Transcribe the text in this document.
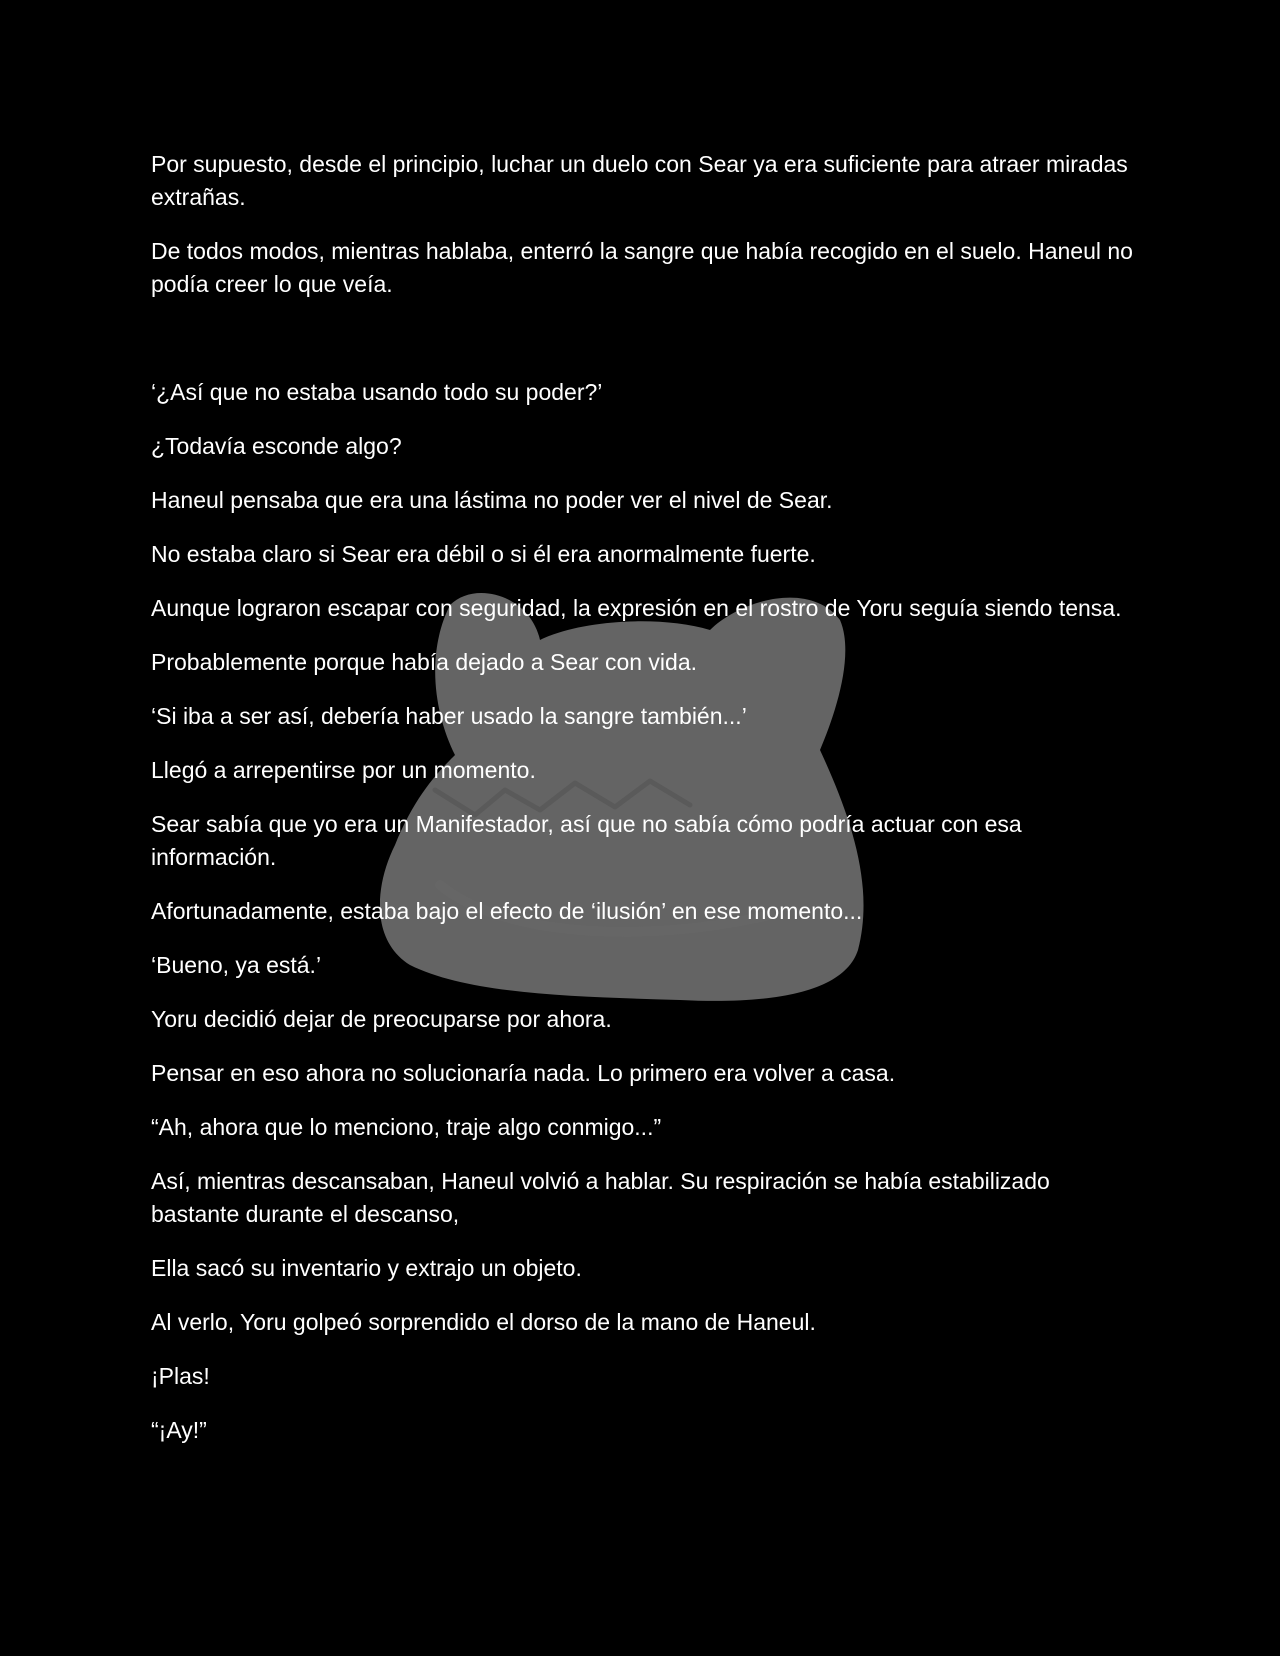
Por supuesto, desde el principio, luchar un duelo con Sear ya era suficiente para atraer miradas extrañas.

De todos modos, mientras hablaba, enterró la sangre que había recogido en el suelo. Haneul no podía creer lo que veía.

‘¿Así que no estaba usando todo su poder?’

¿Todavía esconde algo?

Haneul pensaba que era una lástima no poder ver el nivel de Sear.

No estaba claro si Sear era débil o si él era anormalmente fuerte.

Aunque lograron escapar con seguridad, la expresión en el rostro de Yoru seguía siendo tensa.

Probablemente porque había dejado a Sear con vida.

‘Si iba a ser así, debería haber usado la sangre también...’

Llegó a arrepentirse por un momento.

Sear sabía que yo era un Manifestador, así que no sabía cómo podría actuar con esa información.

Afortunadamente, estaba bajo el efecto de ‘ilusión’ en ese momento...

‘Bueno, ya está.’

Yoru decidió dejar de preocuparse por ahora.

Pensar en eso ahora no solucionaría nada. Lo primero era volver a casa.

“Ah, ahora que lo menciono, traje algo conmigo...”

Así, mientras descansaban, Haneul volvió a hablar. Su respiración se había estabilizado bastante durante el descanso,

Ella sacó su inventario y extrajo un objeto.

Al verlo, Yoru golpeó sorprendido el dorso de la mano de Haneul.

¡Plas!

“¡Ay!”
